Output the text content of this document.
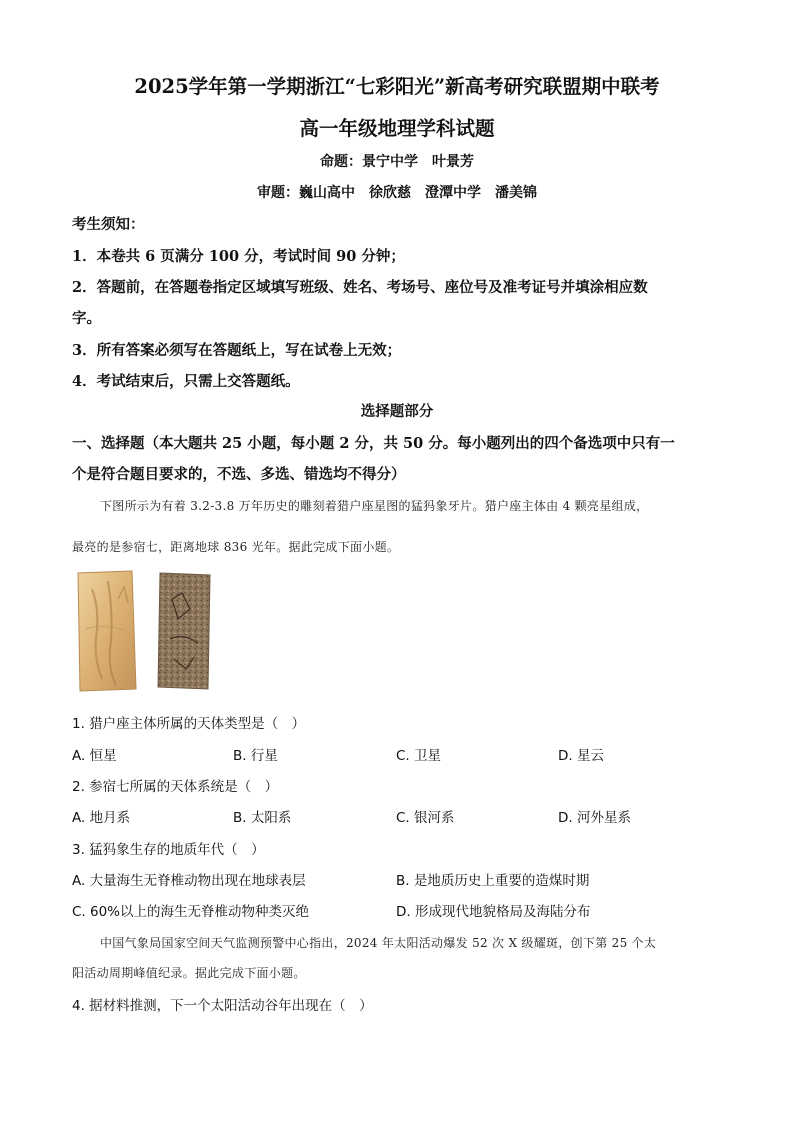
2025学年第一学期浙江“七彩阳光”新高考研究联盟期中联考
高一年级地理学科试题
命题：景宁中学　叶景芳
审题：巍山高中　徐欣慈　澄潭中学　潘美锦
考生须知：
1．本卷共 6 页满分 100 分，考试时间 90 分钟；
2．答题前，在答题卷指定区域填写班级、姓名、考场号、座位号及准考证号并填涂相应数
字。
3．所有答案必须写在答题纸上，写在试卷上无效；
4．考试结束后，只需上交答题纸。
选择题部分
一、选择题（本大题共 25 小题，每小题 2 分，共 50 分。每小题列出的四个备选项中只有一
个是符合题目要求的，不选、多选、错选均不得分）
下图所示为有着 3.2-3.8 万年历史的雕刻着猎户座星图的猛犸象牙片。猎户座主体由 4 颗亮星组成，
最亮的是参宿七，距离地球 836 光年。据此完成下面小题。
1. 猎户座主体所属的天体类型是（　）
A. 恒星	B. 行星	C. 卫星	D. 星云
2. 参宿七所属的天体系统是（　）
A. 地月系	B. 太阳系	C. 银河系	D. 河外星系
3. 猛犸象生存的地质年代（　）
A. 大量海生无脊椎动物出现在地球表层	B. 是地质历史上重要的造煤时期
C. 60%以上的海生无脊椎动物种类灭绝	D. 形成现代地貌格局及海陆分布
中国气象局国家空间天气监测预警中心指出，2024 年太阳活动爆发 52 次 X 级耀斑，创下第 25 个太
阳活动周期峰值纪录。据此完成下面小题。
4. 据材料推测，下一个太阳活动谷年出现在（　）
